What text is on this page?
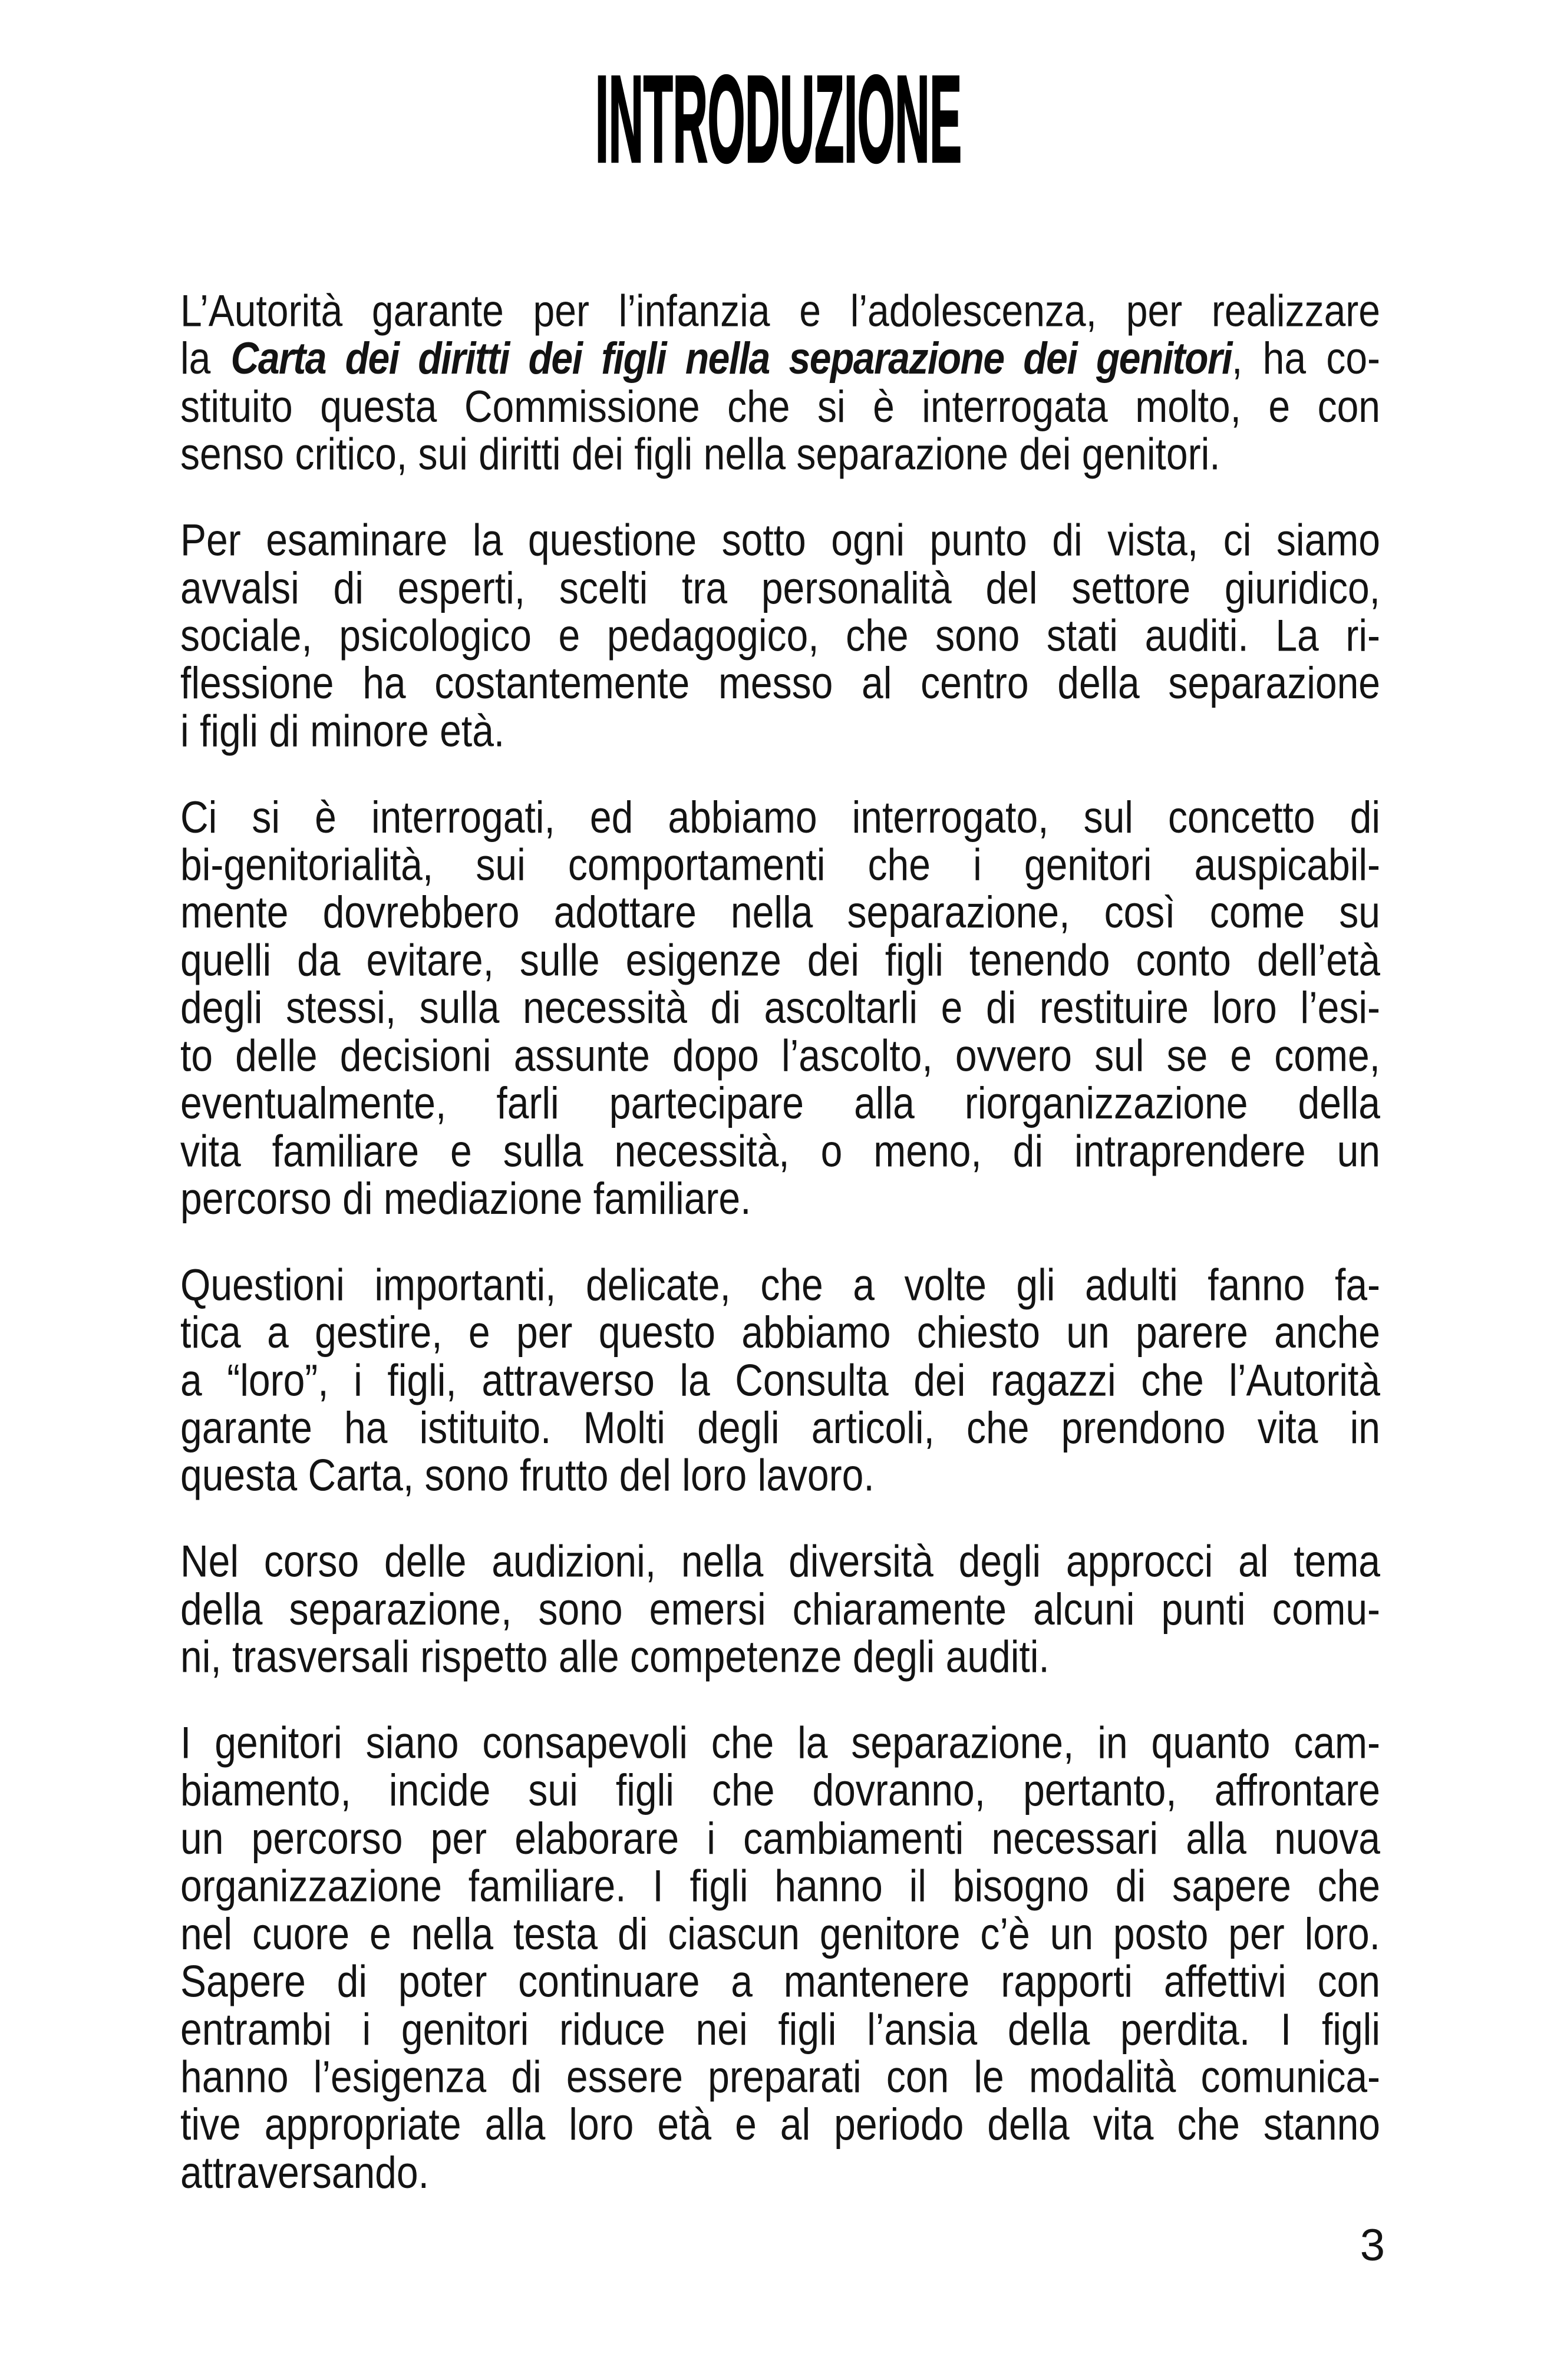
INTRODUZIONE
L’Autorità garante per l’infanzia e l’adolescenza, per realizzare
la Carta dei diritti dei figli nella separazione dei genitori, ha co-
stituito questa Commissione che si è interrogata molto, e con
senso critico, sui diritti dei figli nella separazione dei genitori.
Per esaminare la questione sotto ogni punto di vista, ci siamo
avvalsi di esperti, scelti tra personalità del settore giuridico,
sociale, psicologico e pedagogico, che sono stati auditi. La ri-
flessione ha costantemente messo al centro della separazione
i figli di minore età.
Ci si è interrogati, ed abbiamo interrogato, sul concetto di
bi-genitorialità, sui comportamenti che i genitori auspicabil-
mente dovrebbero adottare nella separazione, così come su
quelli da evitare, sulle esigenze dei figli tenendo conto dell’età
degli stessi, sulla necessità di ascoltarli e di restituire loro l’esi-
to delle decisioni assunte dopo l’ascolto, ovvero sul se e come,
eventualmente, farli partecipare alla riorganizzazione della
vita familiare e sulla necessità, o meno, di intraprendere un
percorso di mediazione familiare.
Questioni importanti, delicate, che a volte gli adulti fanno fa-
tica a gestire, e per questo abbiamo chiesto un parere anche
a “loro”, i figli, attraverso la Consulta dei ragazzi che l’Autorità
garante ha istituito. Molti degli articoli, che prendono vita in
questa Carta, sono frutto del loro lavoro.
Nel corso delle audizioni, nella diversità degli approcci al tema
della separazione, sono emersi chiaramente alcuni punti comu-
ni, trasversali rispetto alle competenze degli auditi.
I genitori siano consapevoli che la separazione, in quanto cam-
biamento, incide sui figli che dovranno, pertanto, affrontare
un percorso per elaborare i cambiamenti necessari alla nuova
organizzazione familiare. I figli hanno il bisogno di sapere che
nel cuore e nella testa di ciascun genitore c’è un posto per loro.
Sapere di poter continuare a mantenere rapporti affettivi con
entrambi i genitori riduce nei figli l’ansia della perdita. I figli
hanno l’esigenza di essere preparati con le modalità comunica-
tive appropriate alla loro età e al periodo della vita che stanno
attraversando.
3
